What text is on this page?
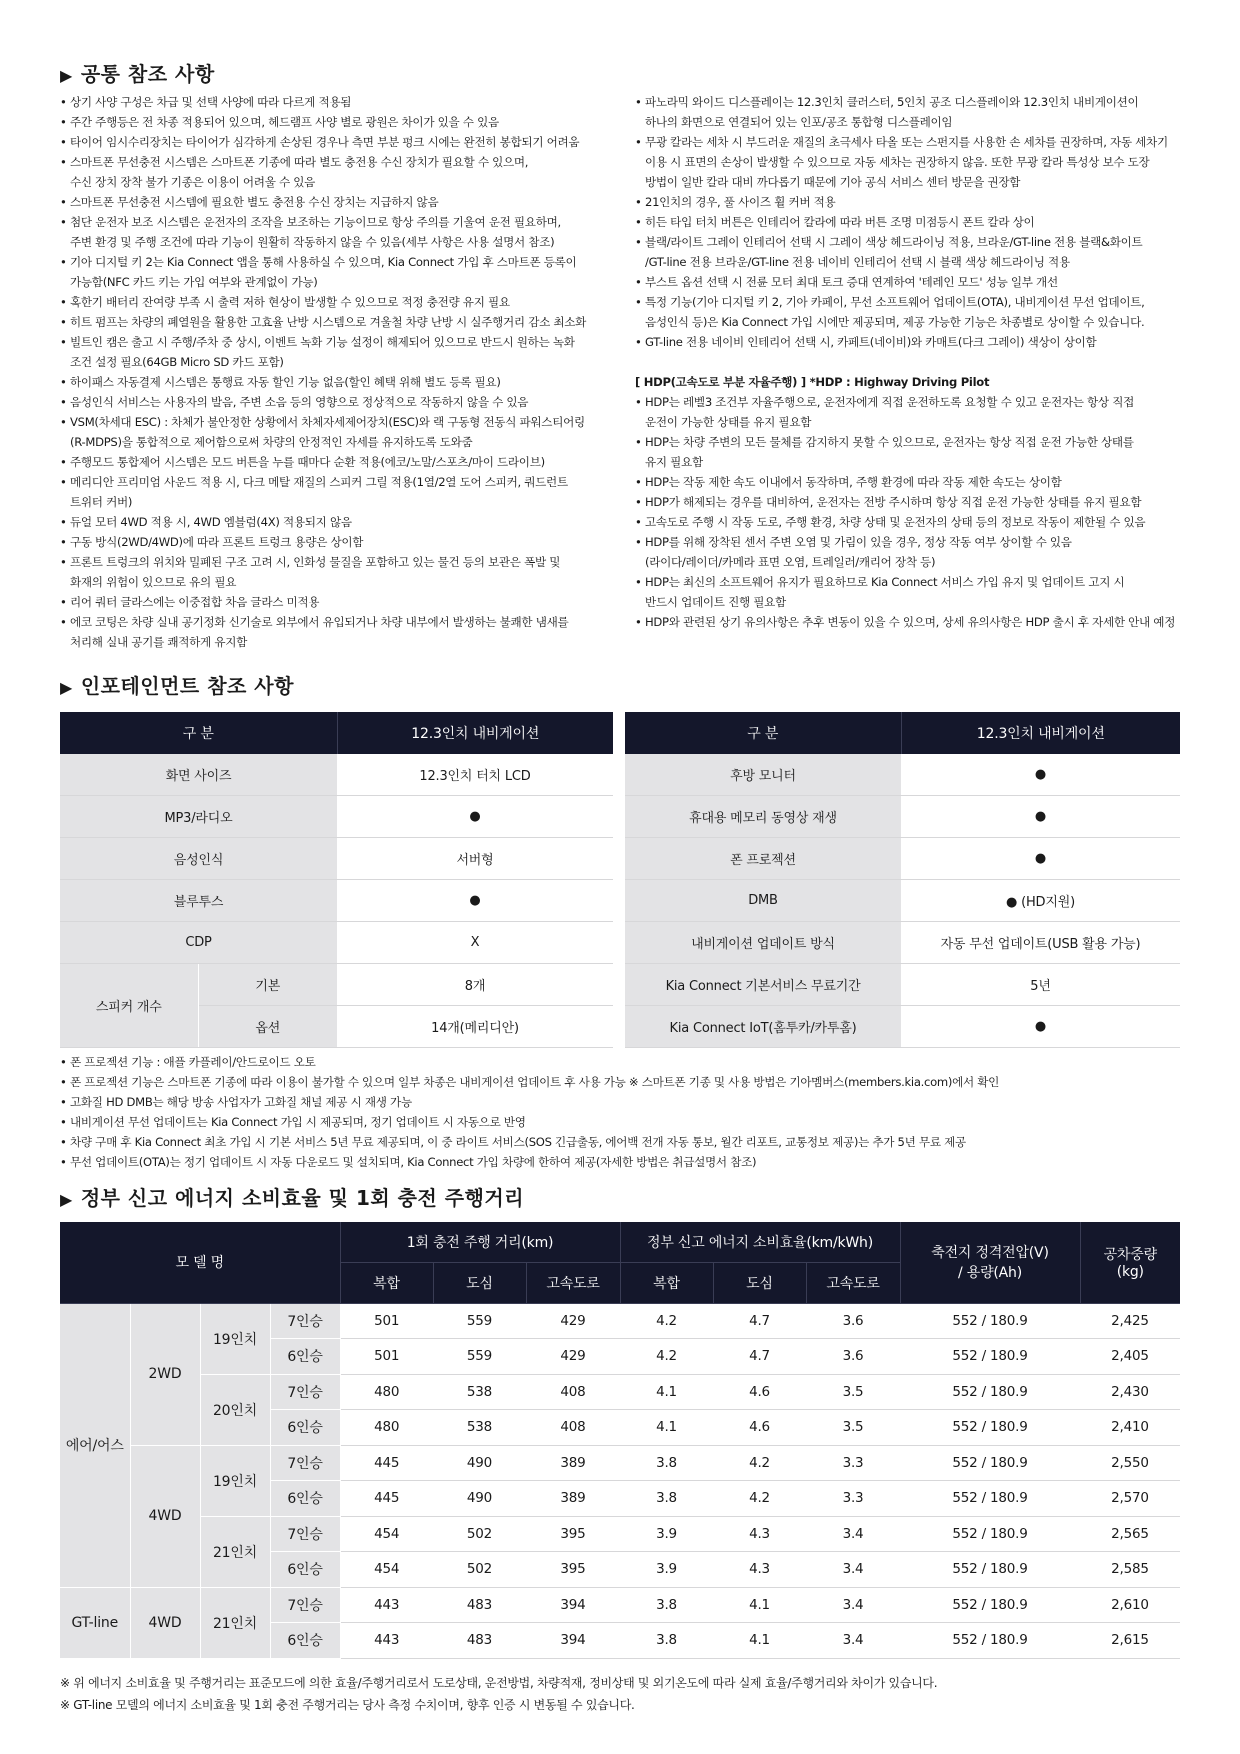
▶ 공통 참조 사항
• 상기 사양 구성은 차급 및 선택 사양에 따라 다르게 적용됨
• 주간 주행등은 전 차종 적용되어 있으며, 헤드램프 사양 별로 광원은 차이가 있을 수 있음
• 타이어 임시수리장치는 타이어가 심각하게 손상된 경우나 측면 부분 펑크 시에는 완전히 봉합되기 어려움
• 스마트폰 무선충전 시스템은 스마트폰 기종에 따라 별도 충전용 수신 장치가 필요할 수 있으며,
수신 장치 장착 불가 기종은 이용이 어려울 수 있음
• 스마트폰 무선충전 시스템에 필요한 별도 충전용 수신 장치는 지급하지 않음
• 첨단 운전자 보조 시스템은 운전자의 조작을 보조하는 기능이므로 항상 주의를 기울여 운전 필요하며,
주변 환경 및 주행 조건에 따라 기능이 원활히 작동하지 않을 수 있음(세부 사항은 사용 설명서 참조)
• 기아 디지털 키 2는 Kia Connect 앱을 통해 사용하실 수 있으며, Kia Connect 가입 후 스마트폰 등록이
가능함(NFC 카드 키는 가입 여부와 관계없이 가능)
• 혹한기 배터리 잔여량 부족 시 출력 저하 현상이 발생할 수 있으므로 적정 충전량 유지 필요
• 히트 펌프는 차량의 폐열원을 활용한 고효율 난방 시스템으로 겨울철 차량 난방 시 실주행거리 감소 최소화
• 빌트인 캠은 출고 시 주행/주차 중 상시, 이벤트 녹화 기능 설정이 해제되어 있으므로 반드시 원하는 녹화
조건 설정 필요(64GB Micro SD 카드 포함)
• 하이패스 자동결제 시스템은 통행료 자동 할인 기능 없음(할인 혜택 위해 별도 등록 필요)
• 음성인식 서비스는 사용자의 발음, 주변 소음 등의 영향으로 정상적으로 작동하지 않을 수 있음
• VSM(차세대 ESC) : 차체가 불안정한 상황에서 차체자세제어장치(ESC)와 랙 구동형 전동식 파워스티어링
(R-MDPS)을 통합적으로 제어함으로써 차량의 안정적인 자세를 유지하도록 도와줌
• 주행모드 통합제어 시스템은 모드 버튼을 누를 때마다 순환 적용(에코/노말/스포츠/마이 드라이브)
• 메리디안 프리미엄 사운드 적용 시, 다크 메탈 재질의 스피커 그릴 적용(1열/2열 도어 스피커, 쿼드런트
트위터 커버)
• 듀얼 모터 4WD 적용 시, 4WD 엠블럼(4X) 적용되지 않음
• 구동 방식(2WD/4WD)에 따라 프론트 트렁크 용량은 상이함
• 프론트 트렁크의 위치와 밀폐된 구조 고려 시, 인화성 물질을 포함하고 있는 물건 등의 보관은 폭발 및
화재의 위험이 있으므로 유의 필요
• 리어 쿼터 글라스에는 이중접합 차음 글라스 미적용
• 에코 코팅은 차량 실내 공기정화 신기술로 외부에서 유입되거나 차량 내부에서 발생하는 불쾌한 냄새를
처리해 실내 공기를 쾌적하게 유지함
• 파노라믹 와이드 디스플레이는 12.3인치 클러스터, 5인치 공조 디스플레이와 12.3인치 내비게이션이
하나의 화면으로 연결되어 있는 인포/공조 통합형 디스플레이임
• 무광 칼라는 세차 시 부드러운 재질의 초극세사 타올 또는 스펀지를 사용한 손 세차를 권장하며, 자동 세차기
이용 시 표면의 손상이 발생할 수 있으므로 자동 세차는 권장하지 않음. 또한 무광 칼라 특성상 보수 도장
방법이 일반 칼라 대비 까다롭기 때문에 기아 공식 서비스 센터 방문을 권장함
• 21인치의 경우, 풀 사이즈 휠 커버 적용
• 히든 타입 터치 버튼은 인테리어 칼라에 따라 버튼 조명 미점등시 폰트 칼라 상이
• 블랙/라이트 그레이 인테리어 선택 시 그레이 색상 헤드라이닝 적용, 브라운/GT-line 전용 블랙&화이트
/GT-line 전용 브라운/GT-line 전용 네이비 인테리어 선택 시 블랙 색상 헤드라이닝 적용
• 부스트 옵션 선택 시 전륜 모터 최대 토크 증대 연계하여 '테레인 모드' 성능 일부 개선
• 특정 기능(기아 디지털 키 2, 기아 카페이, 무선 소프트웨어 업데이트(OTA), 내비게이션 무선 업데이트,
음성인식 등)은 Kia Connect 가입 시에만 제공되며, 제공 가능한 기능은 차종별로 상이할 수 있습니다.
• GT-line 전용 네이비 인테리어 선택 시, 카페트(네이비)와 카매트(다크 그레이) 색상이 상이함
[ HDP(고속도로 부분 자율주행) ] *HDP : Highway Driving Pilot
• HDP는 레벨3 조건부 자율주행으로, 운전자에게 직접 운전하도록 요청할 수 있고 운전자는 항상 직접
운전이 가능한 상태를 유지 필요함
• HDP는 차량 주변의 모든 물체를 감지하지 못할 수 있으므로, 운전자는 항상 직접 운전 가능한 상태를
유지 필요함
• HDP는 작동 제한 속도 이내에서 동작하며, 주행 환경에 따라 작동 제한 속도는 상이함
• HDP가 해제되는 경우를 대비하여, 운전자는 전방 주시하며 항상 직접 운전 가능한 상태를 유지 필요함
• 고속도로 주행 시 작동 도로, 주행 환경, 차량 상태 및 운전자의 상태 등의 정보로 작동이 제한될 수 있음
• HDP를 위해 장착된 센서 주변 오염 및 가림이 있을 경우, 정상 작동 여부 상이할 수 있음
(라이다/레이더/카메라 표면 오염, 트레일러/캐리어 장착 등)
• HDP는 최신의 소프트웨어 유지가 필요하므로 Kia Connect 서비스 가입 유지 및 업데이트 고지 시
반드시 업데이트 진행 필요함
• HDP와 관련된 상기 유의사항은 추후 변동이 있을 수 있으며, 상세 유의사항은 HDP 출시 후 자세한 안내 예정
▶ 인포테인먼트 참조 사항
구 분		12.3인치 내비게이션		구 분	12.3인치 내비게이션
화면 사이즈		12.3인치 터치 LCD		후방 모니터	●
MP3/라디오		●		휴대용 메모리 동영상 재생	●
음성인식		서버형		폰 프로젝션	●
블루투스		●		DMB	● (HD지원)
CDP		X		내비게이션 업데이트 방식	자동 무선 업데이트(USB 활용 가능)
스피커 개수	기본	8개		Kia Connect 기본서비스 무료기간	5년
	옵션	14개(메리디안)		Kia Connect IoT(홈투카/카투홈)	●
• 폰 프로젝션 기능 : 애플 카플레이/안드로이드 오토
• 폰 프로젝션 기능은 스마트폰 기종에 따라 이용이 불가할 수 있으며 일부 차종은 내비게이션 업데이트 후 사용 가능 ※ 스마트폰 기종 및 사용 방법은 기아멤버스(members.kia.com)에서 확인
• 고화질 HD DMB는 해당 방송 사업자가 고화질 채널 제공 시 재생 가능
• 내비게이션 무선 업데이트는 Kia Connect 가입 시 제공되며, 정기 업데이트 시 자동으로 반영
• 차량 구매 후 Kia Connect 최초 가입 시 기본 서비스 5년 무료 제공되며, 이 중 라이트 서비스(SOS 긴급출동, 에어백 전개 자동 통보, 월간 리포트, 교통정보 제공)는 추가 5년 무료 제공
• 무선 업데이트(OTA)는 정기 업데이트 시 자동 다운로드 및 설치되며, Kia Connect 가입 차량에 한하여 제공(자세한 방법은 취급설명서 참조)
▶ 정부 신고 에너지 소비효율 및 1회 충전 주행거리
모 델 명				1회 충전 주행 거리(km)			정부 신고 에너지 소비효율(km/kWh)			축전지 정격전압(V)
/ 용량(Ah)	공차중량
(kg)
				복합	도심	고속도로	복합	도심	고속도로		
에어/어스	2WD	19인치	7인승	501	559	429	4.2	4.7	3.6	552 / 180.9	2,425
			6인승	501	559	429	4.2	4.7	3.6	552 / 180.9	2,405
		20인치	7인승	480	538	408	4.1	4.6	3.5	552 / 180.9	2,430
			6인승	480	538	408	4.1	4.6	3.5	552 / 180.9	2,410
	4WD	19인치	7인승	445	490	389	3.8	4.2	3.3	552 / 180.9	2,550
			6인승	445	490	389	3.8	4.2	3.3	552 / 180.9	2,570
		21인치	7인승	454	502	395	3.9	4.3	3.4	552 / 180.9	2,565
			6인승	454	502	395	3.9	4.3	3.4	552 / 180.9	2,585
GT-line	4WD	21인치	7인승	443	483	394	3.8	4.1	3.4	552 / 180.9	2,610
			6인승	443	483	394	3.8	4.1	3.4	552 / 180.9	2,615
※ 위 에너지 소비효율 및 주행거리는 표준모드에 의한 효율/주행거리로서 도로상태, 운전방법, 차량적재, 정비상태 및 외기온도에 따라 실제 효율/주행거리와 차이가 있습니다.
※ GT-line 모델의 에너지 소비효율 및 1회 충전 주행거리는 당사 측정 수치이며, 향후 인증 시 변동될 수 있습니다.
